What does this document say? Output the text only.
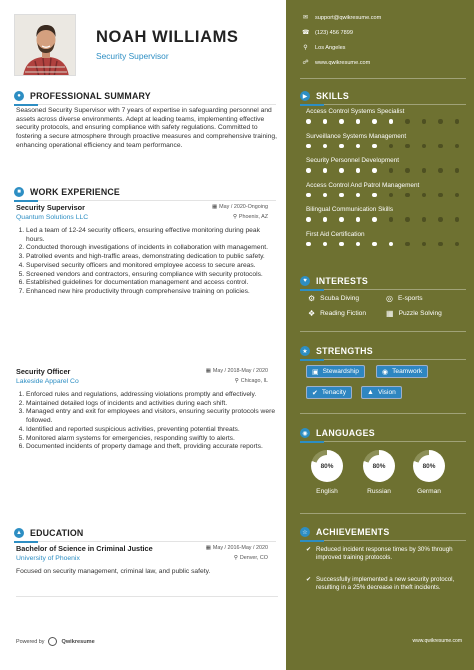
NOAH WILLIAMS
Security Supervisor
●	PROFESSIONAL SUMMARY
Seasoned Security Supervisor with 7 years of expertise in safeguarding personnel and assets across diverse environments. Adept at leading teams, implementing effective security protocols, and ensuring compliance with safety regulations. Committed to fostering a secure atmosphere through proactive measures and comprehensive training, enhancing operational efficiency and team performance.
■	WORK EXPERIENCE
Security Supervisor
Quantum Solutions LLC
▦ May / 2020-Ongoing
⚲ Phoenix, AZ
1. Led a team of 12-24 security officers, ensuring effective monitoring during peak hours.
2. Conducted thorough investigations of incidents in collaboration with management.
3. Patrolled events and high-traffic areas, demonstrating dedication to public safety.
4. Supervised security officers and monitored employee access to secure areas.
5. Screened vendors and contractors, ensuring compliance with security protocols.
6. Established guidelines for documentation management and access control.
7. Enhanced new hire productivity through comprehensive training on policies.
Security Officer
Lakeside Apparel Co
▦ May / 2018-May / 2020
⚲ Chicago, IL
1. Enforced rules and regulations, addressing violations promptly and effectively.
2. Maintained detailed logs of incidents and activities during each shift.
3. Managed entry and exit for employees and visitors, ensuring security protocols were followed.
4. Identified and reported suspicious activities, preventing potential threats.
5. Monitored alarm systems for emergencies, responding swiftly to alerts.
6. Documented incidents of property damage and theft, providing accurate reports.
▲ EDUCATION
Bachelor of Science in Criminal Justice
University of Phoenix
▦ May / 2016-May / 2020
⚲ Denver, CO
Focused on security management, criminal law, and public safety.
Powered by	Qwikresume
✉ support@qwikresume.com
☎ (123) 456 7899
⚲ Los Angeles
☍ www.qwikresume.com
▶ SKILLS
Access Control Systems Specialist
Surveillance Systems Management
Security Personnel Development
Access Control And Patrol Management
Bilingual Communication Skills
First Aid Certification
♥	INTERESTS
⚙ Scuba Diving	◎ E-sports
❖ Reading Fiction	▦ Puzzle Solving
★ STRENGTHS
▣ Stewardship	◉ Teamwork
✔ Tenacity	▲ Vision
◉ LANGUAGES
80%
English
80%
Russian
80%
German
☆ ACHIEVEMENTS
✔ Reduced incident response times by 30% through improved training protocols.
✔ Successfully implemented a new security protocol, resulting in a 25% decrease in theft incidents.
www.qwikresume.com
